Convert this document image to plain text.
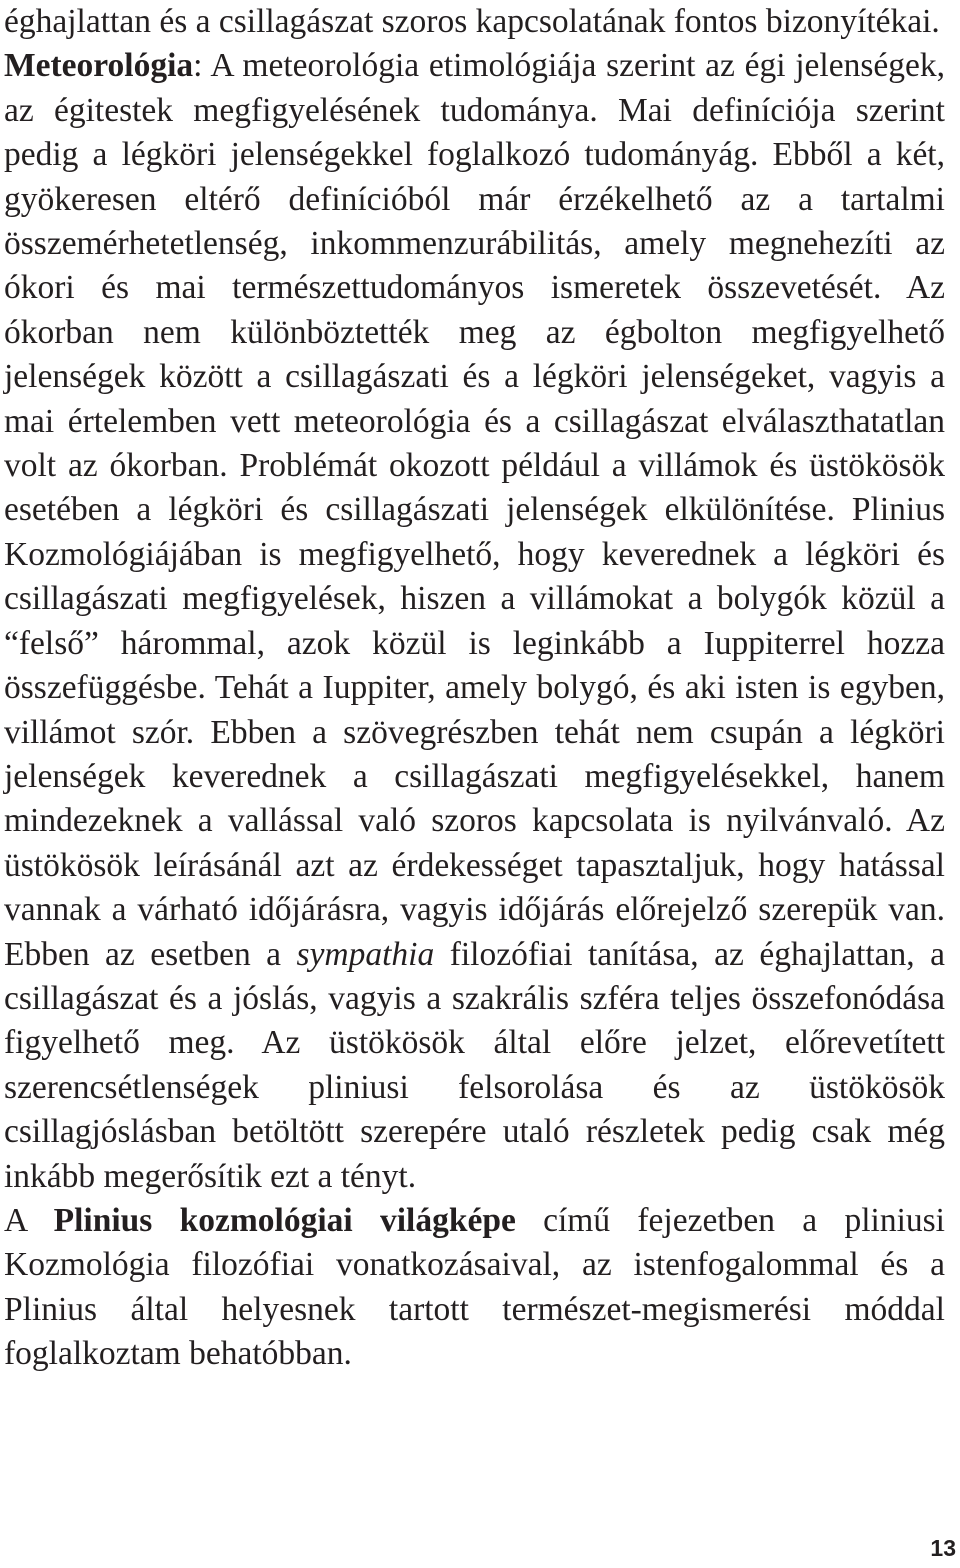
éghajlattan és a csillagászat szoros kapcsolatának fontos bizonyítékai.
Meteorológia: A meteorológia etimológiája szerint az égi jelenségek, az égitestek megfigyelésének tudománya. Mai definíciója szerint pedig a légköri jelenségekkel foglalkozó tudományág. Ebből a két, gyökeresen eltérő definícióból már érzékelhető az a tartalmi összemérhetetlenség, inkommenzurábilitás, amely megnehezíti az ókori és mai természettudományos ismeretek összevetését. Az ókorban nem különböztették meg az égbolton megfigyelhető jelenségek között a csillagászati és a légköri jelenségeket, vagyis a mai értelemben vett meteorológia és a csillagászat elválaszthatatlan volt az ókorban. Problémát okozott például a villámok és üstökösök esetében a légköri és csillagászati jelenségek elkülönítése. Plinius Kozmológiájában is megfigyelhető, hogy keverednek a légköri és csillagászati megfigyelések, hiszen a villámokat a bolygók közül a “felső” hárommal, azok közül is leginkább a Iuppiterrel hozza összefüggésbe. Tehát a Iuppiter, amely bolygó, és aki isten is egyben, villámot szór. Ebben a szövegrészben tehát nem csupán a légköri jelenségek keverednek a csillagászati megfigyelésekkel, hanem mindezeknek a vallással való szoros kapcsolata is nyilvánvaló. Az üstökösök leírásánál azt az érdekességet tapasztaljuk, hogy hatással vannak a várható időjárásra, vagyis időjárás előrejelző szerepük van. Ebben az esetben a sympathia filozófiai tanítása, az éghajlattan, a csillagászat és a jóslás, vagyis a szakrális szféra teljes összefonódása figyelhető meg. Az üstökösök által előre jelzet, előrevetített szerencsétlenségek pliniusi felsorolása és az üstökösök csillagjóslásban betöltött szerepére utaló részletek pedig csak még inkább megerősítik ezt a tényt.

A Plinius kozmológiai világképe című fejezetben a pliniusi Kozmológia filozófiai vonatkozásaival, az istenfogalommal és a Plinius által helyesnek tartott természet-megismerési móddal foglalkoztam behatóbban.

13
